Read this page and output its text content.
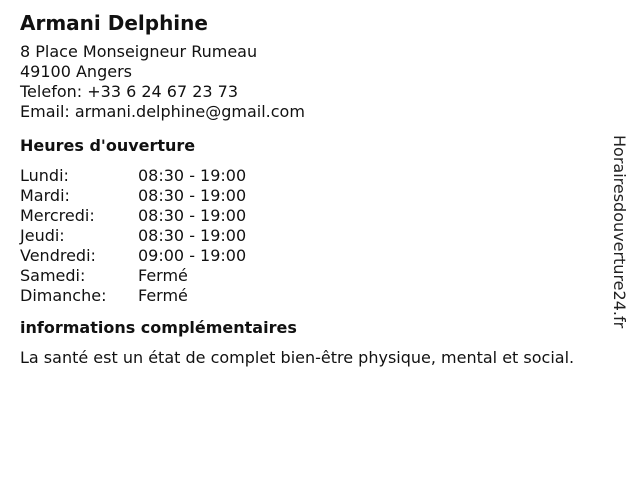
Armani Delphine
8 Place Monseigneur Rumeau
49100 Angers
Telefon: +33 6 24 67 23 73
Email: armani.delphine@gmail.com
Heures d'ouverture
Lundi:	08:30 - 19:00
Mardi:	08:30 - 19:00
Mercredi:	08:30 - 19:00
Jeudi:	08:30 - 19:00
Vendredi:	09:00 - 19:00
Samedi:	Fermé
Dimanche:	Fermé
informations complémentaires
La santé est un état de complet bien-être physique, mental et social.
Horairesdouverture24.fr
